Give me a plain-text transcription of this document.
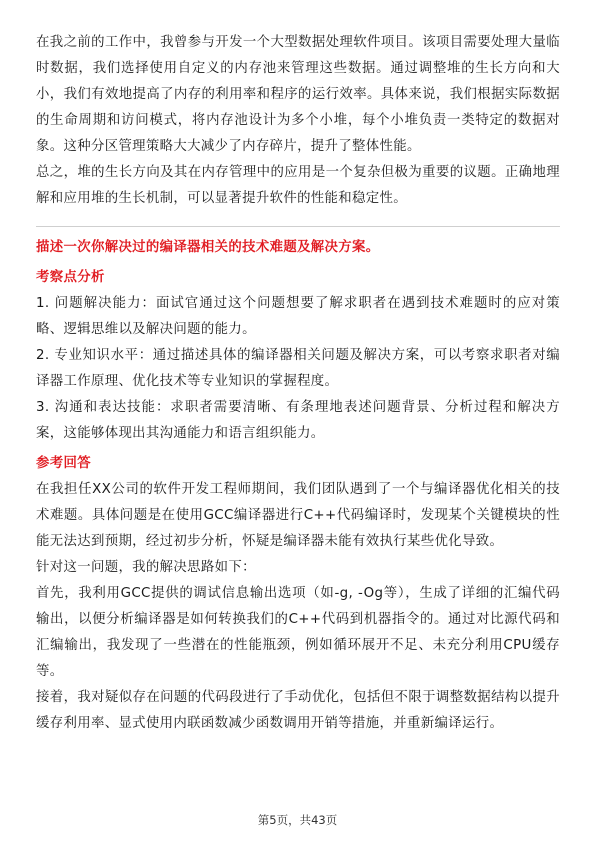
在我之前的工作中，我曾参与开发一个大型数据处理软件项目。该项目需要处理大量临时数据，我们选择使用自定义的内存池来管理这些数据。通过调整堆的生长方向和大小，我们有效地提高了内存的利用率和程序的运行效率。具体来说，我们根据实际数据的生命周期和访问模式，将内存池设计为多个小堆，每个小堆负责一类特定的数据对象。这种分区管理策略大大减少了内存碎片，提升了整体性能。

总之，堆的生长方向及其在内存管理中的应用是一个复杂但极为重要的议题。正确地理解和应用堆的生长机制，可以显著提升软件的性能和稳定性。

描述一次你解决过的编译器相关的技术难题及解决方案。

考察点分析

1. 问题解决能力：面试官通过这个问题想要了解求职者在遇到技术难题时的应对策略、逻辑思维以及解决问题的能力。

2. 专业知识水平：通过描述具体的编译器相关问题及解决方案，可以考察求职者对编译器工作原理、优化技术等专业知识的掌握程度。

3. 沟通和表达技能：求职者需要清晰、有条理地表述问题背景、分析过程和解决方案，这能够体现出其沟通能力和语言组织能力。

参考回答

在我担任XX公司的软件开发工程师期间，我们团队遇到了一个与编译器优化相关的技术难题。具体问题是在使用GCC编译器进行C++代码编译时，发现某个关键模块的性能无法达到预期，经过初步分析，怀疑是编译器未能有效执行某些优化导致。

针对这一问题，我的解决思路如下：

首先，我利用GCC提供的调试信息输出选项（如-g, -Og等），生成了详细的汇编代码输出，以便分析编译器是如何转换我们的C++代码到机器指令的。通过对比源代码和汇编输出，我发现了一些潜在的性能瓶颈，例如循环展开不足、未充分利用CPU缓存等。

接着，我对疑似存在问题的代码段进行了手动优化，包括但不限于调整数据结构以提升缓存利用率、显式使用内联函数减少函数调用开销等措施，并重新编译运行。

第5页，共43页
